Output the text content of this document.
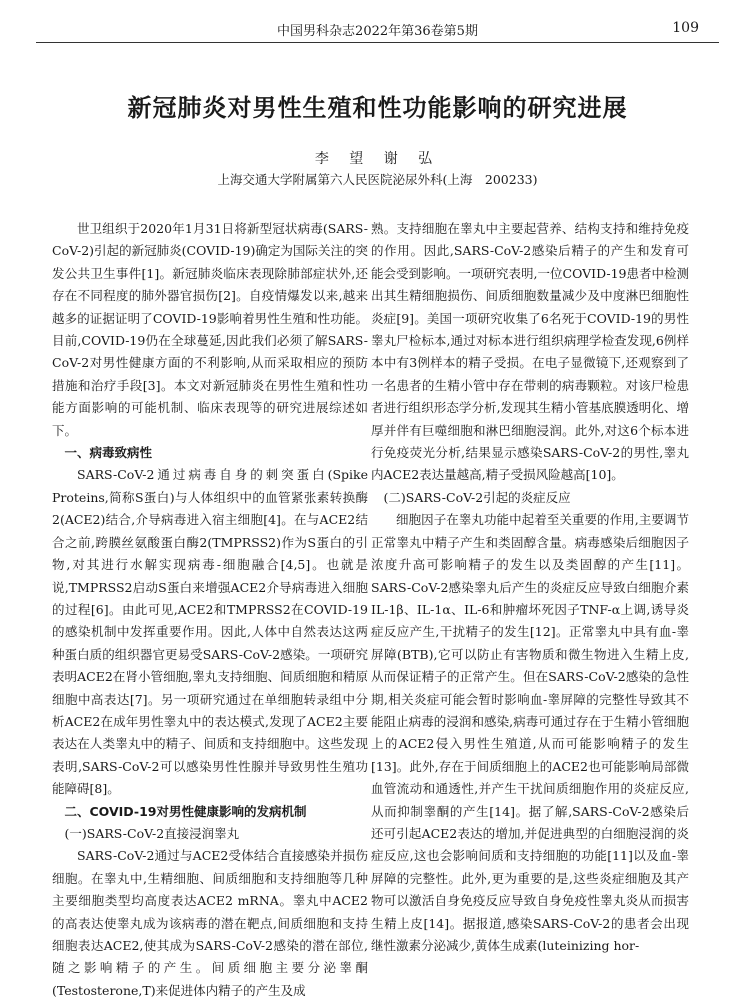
中国男科杂志2022年第36卷第5期	109
新冠肺炎对男性生殖和性功能影响的研究进展
李 望 谢 弘
上海交通大学附属第六人民医院泌尿外科(上海　200233)

世卫组织于2020年1月31日将新型冠状病毒(SARS-CoV-2)引起的新冠肺炎(COVID-19)确定为国际关注的突发公共卫生事件[1]。新冠肺炎临床表现除肺部症状外,还存在不同程度的肺外器官损伤[2]。自疫情爆发以来,越来越多的证据证明了COVID-19影响着男性生殖和性功能。目前,COVID-19仍在全球蔓延,因此我们必须了解SARS-CoV-2对男性健康方面的不利影响,从而采取相应的预防措施和治疗手段[3]。本文对新冠肺炎在男性生殖和性功能方面影响的可能机制、临床表现等的研究进展综述如下。

一、病毒致病性

SARS-CoV-2通过病毒自身的刺突蛋白(Spike Proteins,简称S蛋白)与人体组织中的血管紧张素转换酶2(ACE2)结合,介导病毒进入宿主细胞[4]。在与ACE2结合之前,跨膜丝氨酸蛋白酶2(TMPRSS2)作为S蛋白的引物,对其进行水解实现病毒-细胞融合[4,5]。也就是说,TMPRSS2启动S蛋白来增强ACE2介导病毒进入细胞的过程[6]。由此可见,ACE2和TMPRSS2在COVID-19的感染机制中发挥重要作用。因此,人体中自然表达这两种蛋白质的组织器官更易受SARS-CoV-2感染。一项研究表明ACE2在肾小管细胞,睾丸支持细胞、间质细胞和精原细胞中高表达[7]。另一项研究通过在单细胞转录组中分析ACE2在成年男性睾丸中的表达模式,发现了ACE2主要表达在人类睾丸中的精子、间质和支持细胞中。这些发现表明,SARS-CoV-2可以感染男性性腺并导致男性生殖功能障碍[8]。

二、COVID-19对男性健康影响的发病机制
(一)SARS-CoV-2直接浸润睾丸

SARS-CoV-2通过与ACE2受体结合直接感染并损伤细胞。在睾丸中,生精细胞、间质细胞和支持细胞等几种主要细胞类型均高度表达ACE2 mRNA。睾丸中ACE2的高表达使睾丸成为该病毒的潜在靶点,间质细胞和支持细胞表达ACE2,使其成为SARS-CoV-2感染的潜在部位,随之影响精子的产生。间质细胞主要分泌睾酮(Testosterone,T)来促进体内精子的产生及成

熟。支持细胞在睾丸中主要起营养、结构支持和维持免疫的作用。因此,SARS-CoV-2感染后精子的产生和发育可能会受到影响。一项研究表明,一位COVID-19患者中检测出其生精细胞损伤、间质细胞数量减少及中度淋巴细胞性炎症[9]。美国一项研究收集了6名死于COVID-19的男性睾丸尸检标本,通过对标本进行组织病理学检查发现,6例样本中有3例样本的精子受损。在电子显微镜下,还观察到了一名患者的生精小管中存在带刺的病毒颗粒。对该尸检患者进行组织形态学分析,发现其生精小管基底膜透明化、增厚并伴有巨噬细胞和淋巴细胞浸润。此外,对这6个标本进行免疫荧光分析,结果显示感染SARS-CoV-2的男性,睾丸内ACE2表达量越高,精子受损风险越高[10]。

(二)SARS-CoV-2引起的炎症反应

细胞因子在睾丸功能中起着至关重要的作用,主要调节正常睾丸中精子产生和类固醇含量。病毒感染后细胞因子浓度升高可影响精子的发生以及类固醇的产生[11]。SARS-CoV-2感染睾丸后产生的炎症反应导致白细胞介素IL-1β、IL-1α、IL-6和肿瘤坏死因子TNF-α上调,诱导炎症反应产生,干扰精子的发生[12]。正常睾丸中具有血-睾屏障(BTB),它可以防止有害物质和微生物进入生精上皮,从而保证精子的正常产生。但在SARS-CoV-2感染的急性期,相关炎症可能会暂时影响血-睾屏障的完整性导致其不能阻止病毒的浸润和感染,病毒可通过存在于生精小管细胞上的ACE2侵入男性生殖道,从而可能影响精子的发生[13]。此外,存在于间质细胞上的ACE2也可能影响局部微血管流动和通透性,并产生干扰间质细胞作用的炎症反应,从而抑制睾酮的产生[14]。据了解,SARS-CoV-2感染后还可引起ACE2表达的增加,并促进典型的白细胞浸润的炎症反应,这也会影响间质和支持细胞的功能[11]以及血-睾屏障的完整性。此外,更为重要的是,这些炎症细胞及其产物可以激活自身免疫反应导致自身免疫性睾丸炎从而损害生精上皮[14]。据报道,感染SARS-CoV-2的患者会出现继性激素分泌减少,黄体生成素(luteinizing hor-
